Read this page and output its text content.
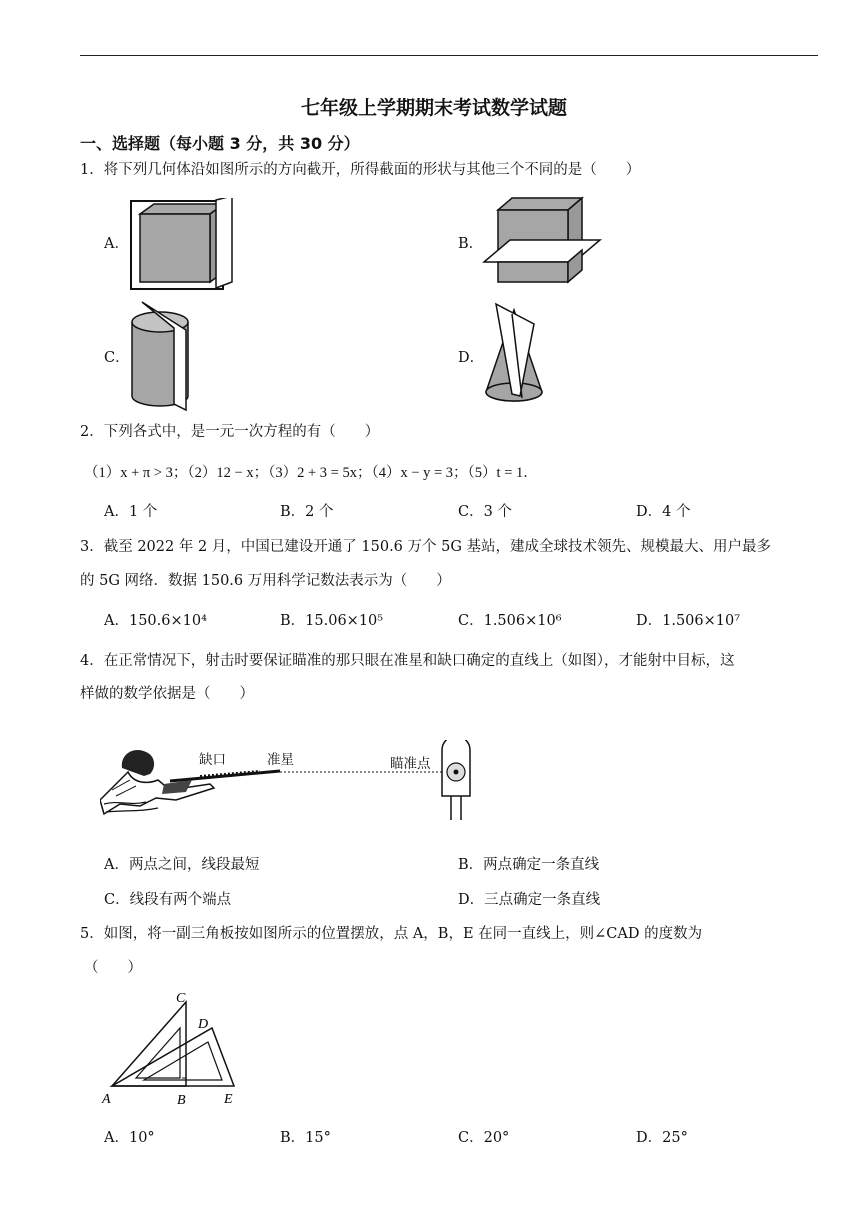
七年级上学期期末考试数学试题
一、选择题（每小题 3 分，共 30 分）
1．将下列几何体沿如图所示的方向截开，所得截面的形状与其他三个不同的是（　　）
A．	B．
C．	D．
2．下列各式中，是一元一次方程的有（　　）
（1）x + π > 3；（2）12 − x；（3）2 + 3 = 5x；（4）x − y = 3；（5）t = 1．
A．1 个	B．2 个	C．3 个	D．4 个
3．截至 2022 年 2 月，中国已建设开通了 150.6 万个 5G 基站，建成全球技术领先、规模最大、用户最多
的 5G 网络．数据 150.6 万用科学记数法表示为（　　）
A．150.6×10⁴	B．15.06×10⁵	C．1.506×10⁶	D．1.506×10⁷
4．在正常情况下，射击时要保证瞄准的那只眼在准星和缺口确定的直线上（如图），才能射中目标，这
样做的数学依据是（　　）
缺口	准星	瞄准点
A．两点之间，线段最短	B．两点确定一条直线
C．线段有两个端点	D．三点确定一条直线
5．如图，将一副三角板按如图所示的位置摆放，点 A，B，E 在同一直线上，则∠CAD 的度数为
（　　）
C
D
A	B	E
A．10°	B．15°	C．20°	D．25°
